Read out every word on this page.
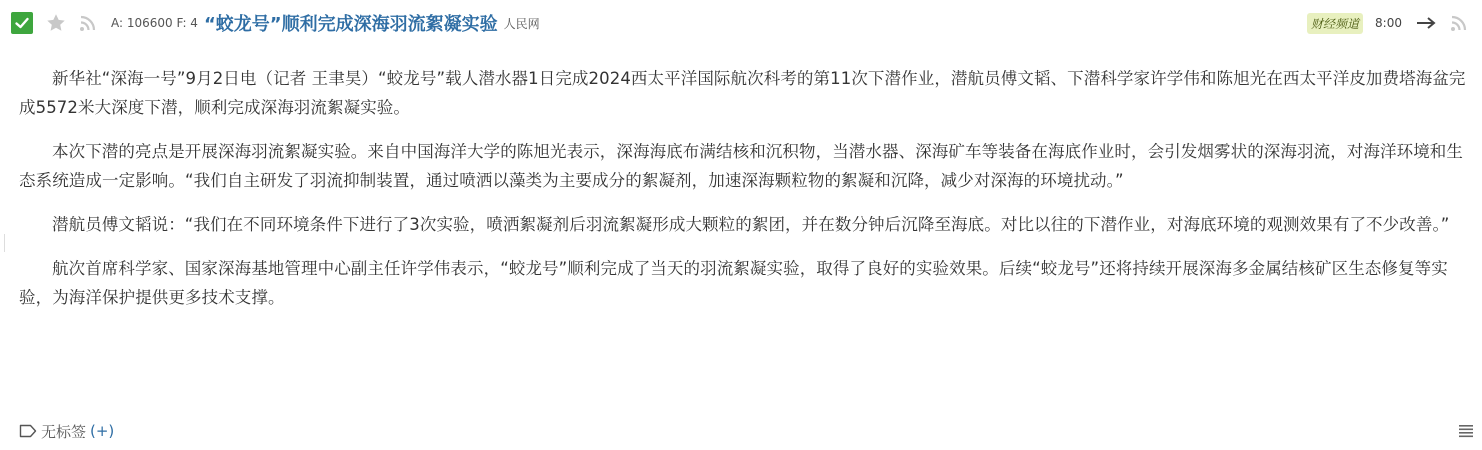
A: 106600 F: 4 “蛟龙号”顺利完成深海羽流絮凝实验 人民网	财经频道	8:00

新华社“深海一号”9月2日电（记者 王聿昊）“蛟龙号”载人潜水器1日完成2024西太平洋国际航次科考的第11次下潜作业，潜航员傅文韬、下潜科学家许学伟和陈旭光在西太平洋皮加费塔海盆完成5572米大深度下潜，顺利完成深海羽流絮凝实验。

本次下潜的亮点是开展深海羽流絮凝实验。来自中国海洋大学的陈旭光表示，深海海底布满结核和沉积物，当潜水器、深海矿车等装备在海底作业时，会引发烟雾状的深海羽流，对海洋环境和生态系统造成一定影响。“我们自主研发了羽流抑制装置，通过喷洒以藻类为主要成分的絮凝剂，加速深海颗粒物的絮凝和沉降，减少对深海的环境扰动。”

潜航员傅文韬说：“我们在不同环境条件下进行了3次实验，喷洒絮凝剂后羽流絮凝形成大颗粒的絮团，并在数分钟后沉降至海底。对比以往的下潜作业，对海底环境的观测效果有了不少改善。”

航次首席科学家、国家深海基地管理中心副主任许学伟表示，“蛟龙号”顺利完成了当天的羽流絮凝实验，取得了良好的实验效果。后续“蛟龙号”还将持续开展深海多金属结核矿区生态修复等实验，为海洋保护提供更多技术支撑。

无标签 (+)
